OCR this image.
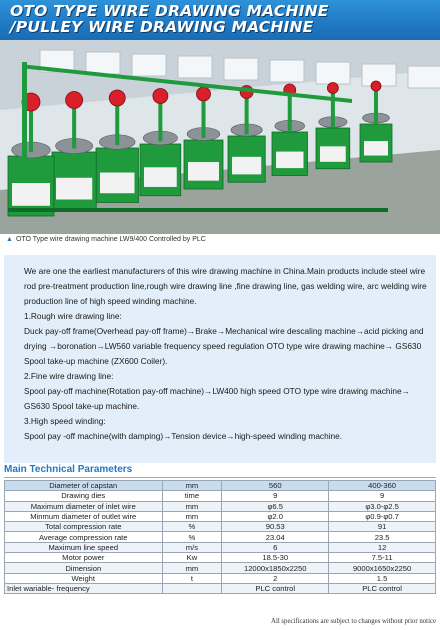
OTO TYPE WIRE DRAWING MACHINE
/PULLEY WIRE DRAWING MACHINE
▲ OTO Type wire drawing machine LW9/400 Controlled by PLC

We are one the earliest manufacturers of this wire drawing machine in China.Main products include steel wire rod pre-treatment production line,rough wire drawing line ,fine drawing line, gas welding wire, arc welding wire production line of high speed winding machine.

1.Rough wire drawing line:

Duck pay-off frame(Overhead pay-off frame)→Brake→Mechanical wire descaling machine→acid picking and drying →boronation→LW560 variable frequency speed regulation OTO type wire drawing machine→ GS630 Spool take-up machine (ZX600 Coiler).

2.Fine wire drawing line:

Spool pay-off machine(Rotation pay-off machine)→LW400 high speed OTO type wire drawing machine→ GS630 Spool take-up machine.

3.High speed winding:

Spool pay -off machine(with damping)→Tension device→high-speed winding machine.

Main Technical Parameters
Diameter of capstan	mm	560	400-360
Drawing dies	time	9	9
Maximum diameter of inlet wire	mm	φ6.5	φ3.0-φ2.5
Minmum diameter of outlet wire	mm	φ2.0	φ0.9-φ0.7
Total compression rate	%	90.53	91
Average compression rate	%	23.04	23.5
Maximum line speed	m/s	6	12
Motor power	Kw	18.5-30	7.5-11
Dimension	mm	12000x1850x2250	9000x1650x2250
Weight	t	2	1.5
Inlet wariable- frequency		PLC control	PLC control
All specifications are subject to changes without prior notice
